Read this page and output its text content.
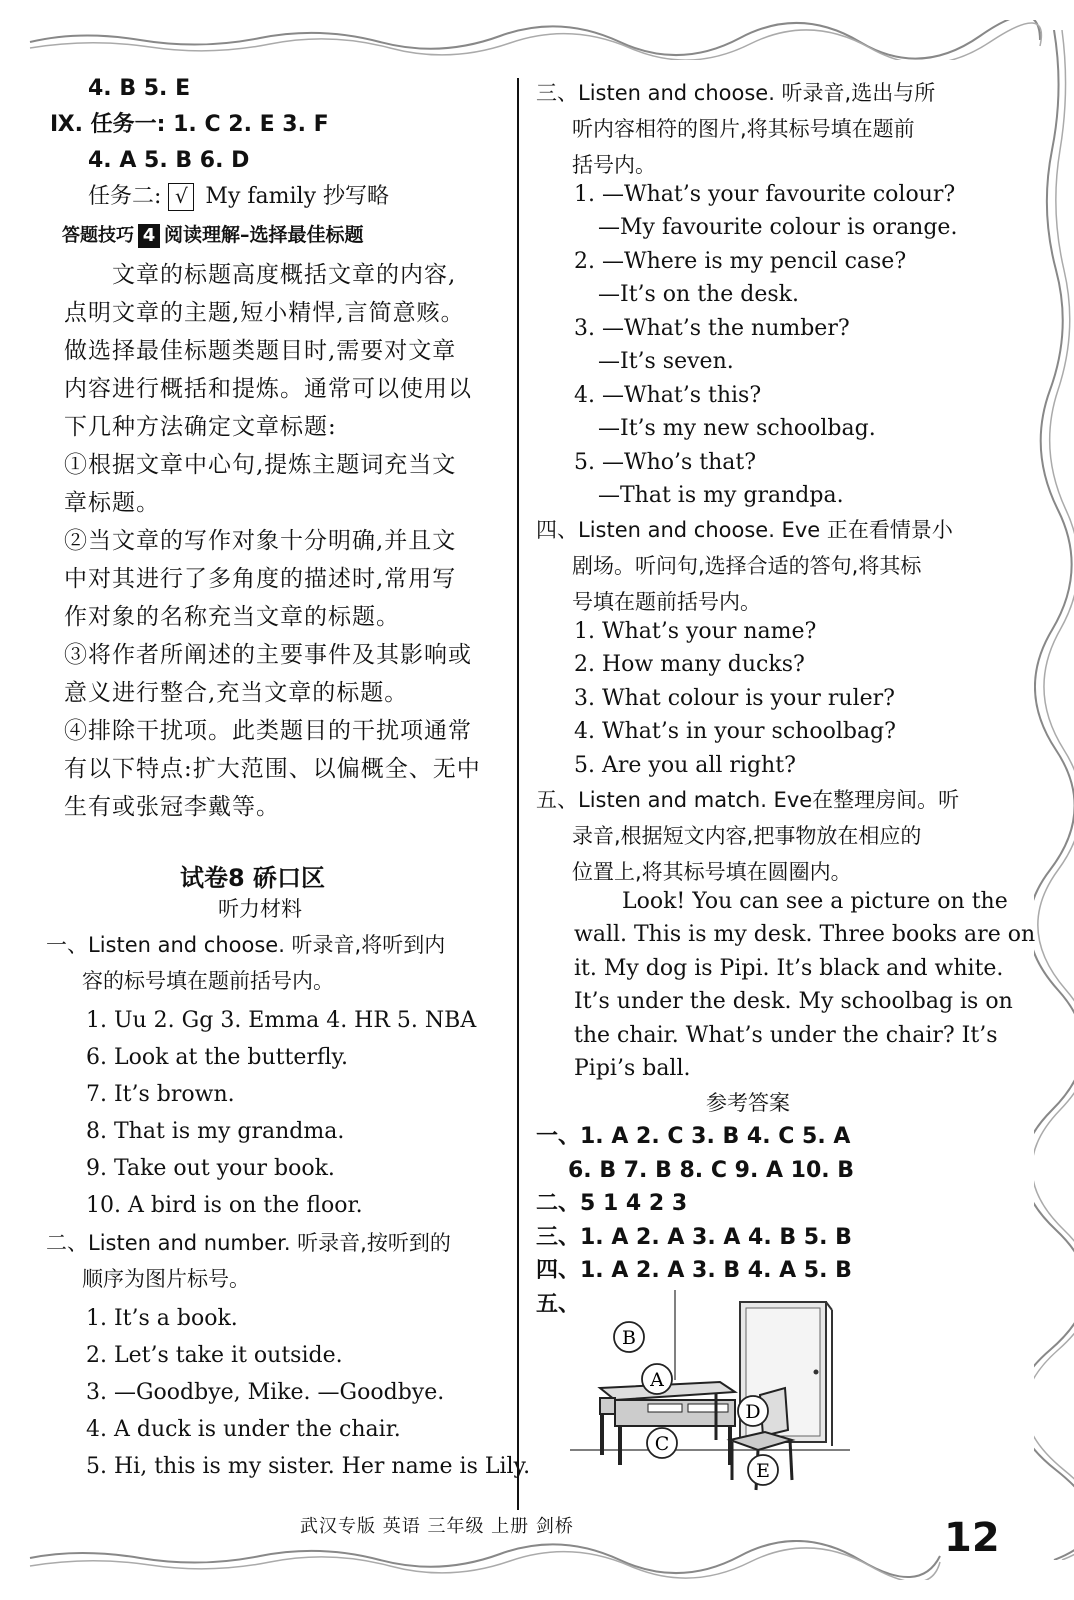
4. B 5. E
Ⅸ. 任务一: 1. C 2. E 3. F
4. A 5. B 6. D
任务二: √ My family 抄写略
答题技巧 4 阅读理解–选择最佳标题
文章的标题高度概括文章的内容,
点明文章的主题,短小精悍,言简意赅。
做选择最佳标题类题目时,需要对文章
内容进行概括和提炼。通常可以使用以
下几种方法确定文章标题:
①根据文章中心句,提炼主题词充当文
章标题。
②当文章的写作对象十分明确,并且文
中对其进行了多角度的描述时,常用写
作对象的名称充当文章的标题。
③将作者所阐述的主要事件及其影响或
意义进行整合,充当文章的标题。
④排除干扰项。此类题目的干扰项通常
有以下特点:扩大范围、以偏概全、无中
生有或张冠李戴等。
试卷8 硚口区
听力材料
一、Listen and choose. 听录音,将听到内
容的标号填在题前括号内。
1. Uu 2. Gg 3. Emma 4. HR 5. NBA
6. Look at the butterfly.
7. It’s brown.
8. That is my grandma.
9. Take out your book.
10. A bird is on the floor.
二、Listen and number. 听录音,按听到的
顺序为图片标号。
1. It’s a book.
2. Let’s take it outside.
3. —Goodbye, Mike. —Goodbye.
4. A duck is under the chair.
5. Hi, this is my sister. Her name is Lily.
三、Listen and choose. 听录音,选出与所
听内容相符的图片,将其标号填在题前
括号内。
1. —What’s your favourite colour?
—My favourite colour is orange.
2. —Where is my pencil case?
—It’s on the desk.
3. —What’s the number?
—It’s seven.
4. —What’s this?
—It’s my new schoolbag.
5. —Who’s that?
—That is my grandpa.
四、Listen and choose. Eve 正在看情景小
剧场。听问句,选择合适的答句,将其标
号填在题前括号内。
1. What’s your name?
2. How many ducks?
3. What colour is your ruler?
4. What’s in your schoolbag?
5. Are you all right?
五、Listen and match. Eve在整理房间。听
录音,根据短文内容,把事物放在相应的
位置上,将其标号填在圆圈内。
Look! You can see a picture on the
wall. This is my desk. Three books are on
it. My dog is Pipi. It’s black and white.
It’s under the desk. My schoolbag is on
the chair. What’s under the chair? It’s
Pipi’s ball.
参考答案
一、1. A 2. C 3. B 4. C 5. A
6. B 7. B 8. C 9. A 10. B
二、5 1 4 2 3
三、1. A 2. A 3. A 4. B 5. B
四、1. A 2. A 3. B 4. A 5. B
五、
B
A
D
C
E
武汉专版 英语 三年级 上册 剑桥	12
